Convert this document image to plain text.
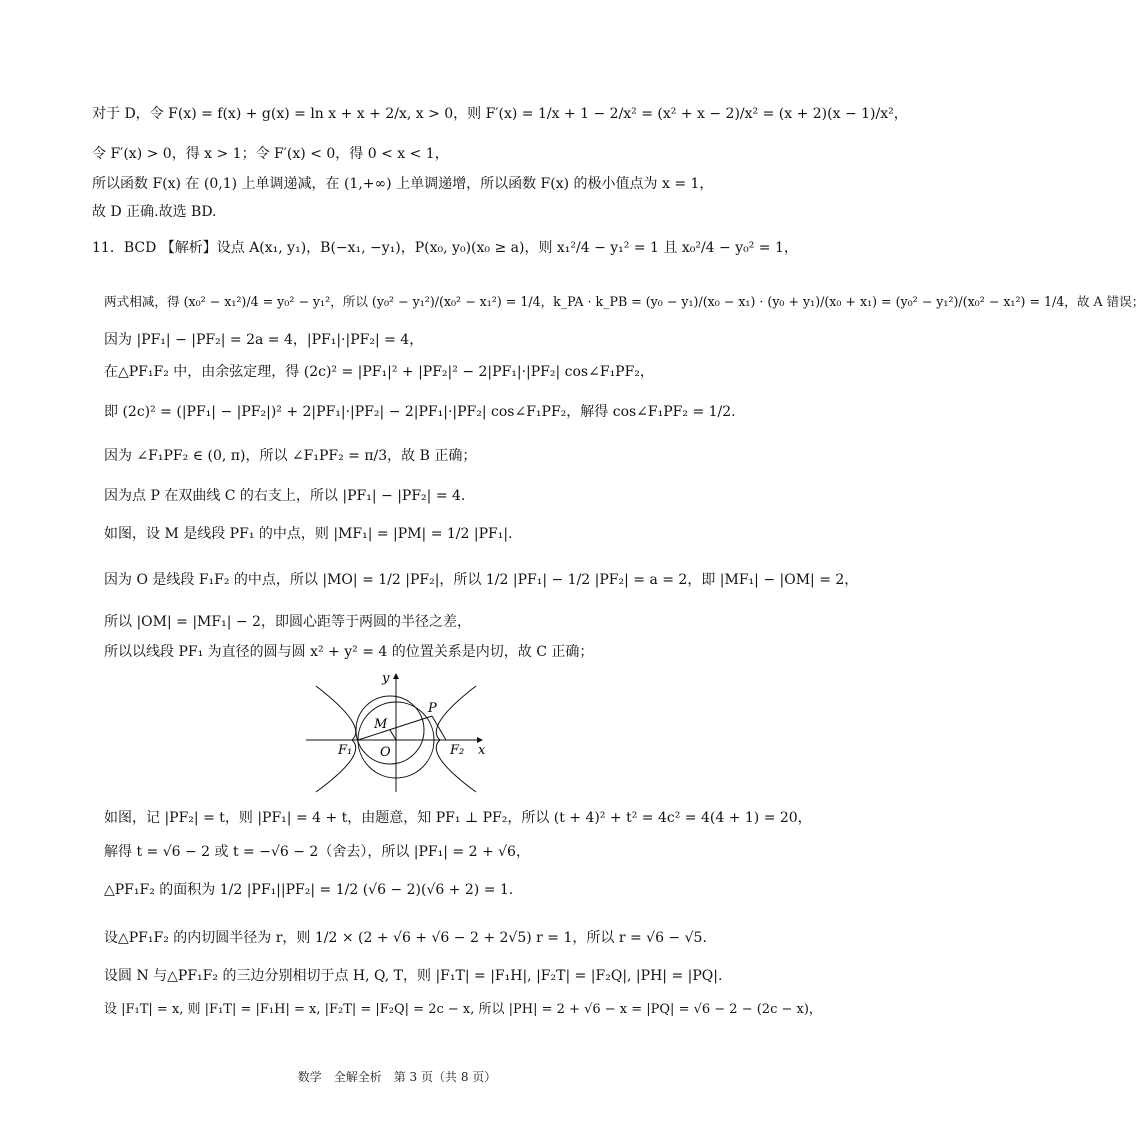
对于 D，令 F(x) = f(x) + g(x) = ln x + x + 2/x, x > 0，则 F′(x) = 1/x + 1 − 2/x² = (x² + x − 2)/x² = (x + 2)(x − 1)/x²，
令 F′(x) > 0，得 x > 1；令 F′(x) < 0，得 0 < x < 1，
所以函数 F(x) 在 (0,1) 上单调递减，在 (1,+∞) 上单调递增，所以函数 F(x) 的极小值点为 x = 1，
故 D 正确.故选 BD.
11．BCD 【解析】设点 A(x₁, y₁)，B(−x₁, −y₁)，P(x₀, y₀)(x₀ ≥ a)，则 x₁²/4 − y₁² = 1 且 x₀²/4 − y₀² = 1，
两式相减，得 (x₀² − x₁²)/4 = y₀² − y₁²，所以 (y₀² − y₁²)/(x₀² − x₁²) = 1/4，k_PA · k_PB = (y₀ − y₁)/(x₀ − x₁) · (y₀ + y₁)/(x₀ + x₁) = (y₀² − y₁²)/(x₀² − x₁²) = 1/4，故 A 错误；
因为 |PF₁| − |PF₂| = 2a = 4，|PF₁|·|PF₂| = 4，
在△PF₁F₂ 中，由余弦定理，得 (2c)² = |PF₁|² + |PF₂|² − 2|PF₁|·|PF₂| cos∠F₁PF₂，
即 (2c)² = (|PF₁| − |PF₂|)² + 2|PF₁|·|PF₂| − 2|PF₁|·|PF₂| cos∠F₁PF₂，解得 cos∠F₁PF₂ = 1/2.
因为 ∠F₁PF₂ ∈ (0, π)，所以 ∠F₁PF₂ = π/3，故 B 正确；
因为点 P 在双曲线 C 的右支上，所以 |PF₁| − |PF₂| = 4.
如图，设 M 是线段 PF₁ 的中点，则 |MF₁| = |PM| = 1/2 |PF₁|.
因为 O 是线段 F₁F₂ 的中点，所以 |MO| = 1/2 |PF₂|，所以 1/2 |PF₁| − 1/2 |PF₂| = a = 2，即 |MF₁| − |OM| = 2，
所以 |OM| = |MF₁| − 2，即圆心距等于两圆的半径之差，
所以以线段 PF₁ 为直径的圆与圆 x² + y² = 4 的位置关系是内切，故 C 正确；
y
x
M
P
F₁ O	F₂
如图，记 |PF₂| = t，则 |PF₁| = 4 + t，由题意，知 PF₁ ⊥ PF₂，所以 (t + 4)² + t² = 4c² = 4(4 + 1) = 20，
解得 t = √6 − 2 或 t = −√6 − 2（舍去），所以 |PF₁| = 2 + √6，
△PF₁F₂ 的面积为 1/2 |PF₁||PF₂| = 1/2 (√6 − 2)(√6 + 2) = 1.
设△PF₁F₂ 的内切圆半径为 r，则 1/2 × (2 + √6 + √6 − 2 + 2√5) r = 1，所以 r = √6 − √5.
设圆 N 与△PF₁F₂ 的三边分别相切于点 H, Q, T，则 |F₁T| = |F₁H|, |F₂T| = |F₂Q|, |PH| = |PQ|.
设 |F₁T| = x, 则 |F₁T| = |F₁H| = x, |F₂T| = |F₂Q| = 2c − x, 所以 |PH| = 2 + √6 − x = |PQ| = √6 − 2 − (2c − x)，
数学　全解全析　第 3 页（共 8 页）
